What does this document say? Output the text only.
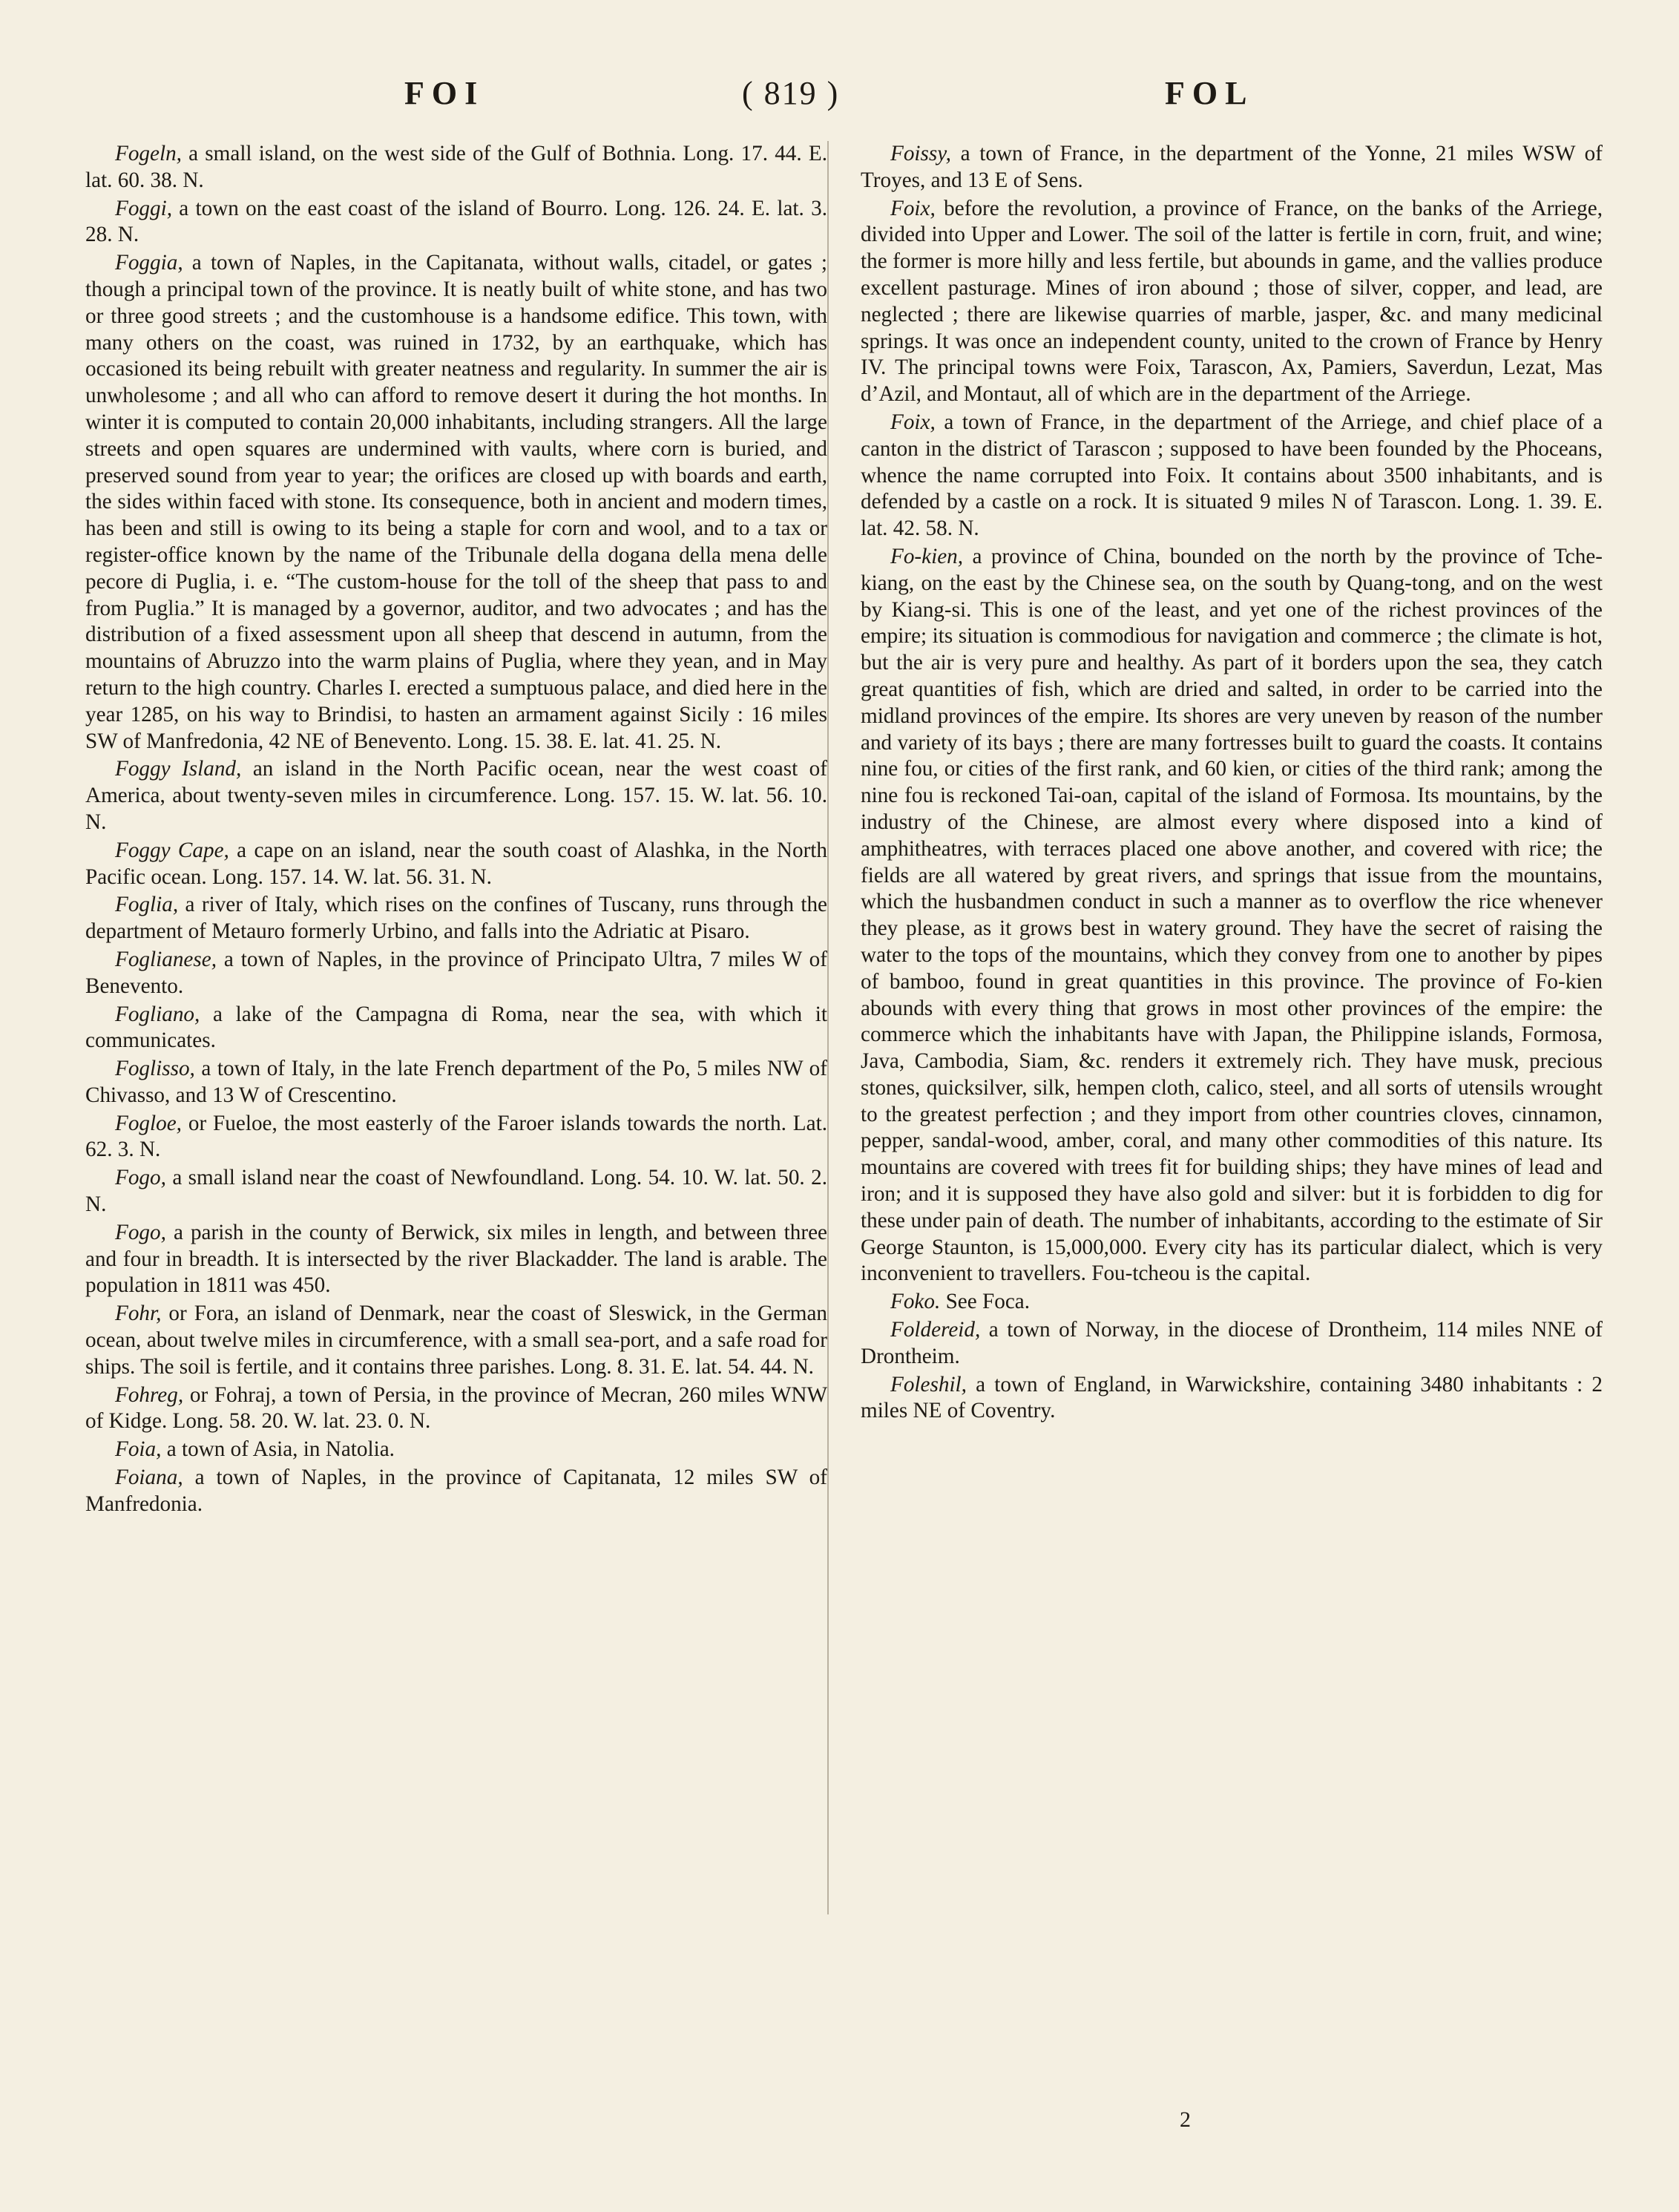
FOI	( 819 )	FOL

Fogeln, a small island, on the west side of the Gulf of Bothnia. Long. 17. 44. E. lat. 60. 38. N.

Foggi, a town on the east coast of the island of Bourro. Long. 126. 24. E. lat. 3. 28. N.

Foggia, a town of Naples, in the Capitanata, without walls, citadel, or gates ; though a principal town of the province. It is neatly built of white stone, and has two or three good streets ; and the customhouse is a handsome edifice. This town, with many others on the coast, was ruined in 1732, by an earthquake, which has occasioned its being rebuilt with greater neatness and regularity. In summer the air is unwholesome ; and all who can afford to remove desert it during the hot months. In winter it is computed to contain 20,000 inhabitants, including strangers. All the large streets and open squares are undermined with vaults, where corn is buried, and preserved sound from year to year; the orifices are closed up with boards and earth, the sides within faced with stone. Its consequence, both in ancient and modern times, has been and still is owing to its being a staple for corn and wool, and to a tax or register-office known by the name of the Tribunale della dogana della mena delle pecore di Puglia, i. e. “The custom-house for the toll of the sheep that pass to and from Puglia.” It is managed by a governor, auditor, and two advocates ; and has the distribution of a fixed assessment upon all sheep that descend in autumn, from the mountains of Abruzzo into the warm plains of Puglia, where they yean, and in May return to the high country. Charles I. erected a sumptuous palace, and died here in the year 1285, on his way to Brindisi, to hasten an armament against Sicily : 16 miles SW of Manfredonia, 42 NE of Benevento. Long. 15. 38. E. lat. 41. 25. N.

Foggy Island, an island in the North Pacific ocean, near the west coast of America, about twenty-seven miles in circumference. Long. 157. 15. W. lat. 56. 10. N.

Foggy Cape, a cape on an island, near the south coast of Alashka, in the North Pacific ocean. Long. 157. 14. W. lat. 56. 31. N.

Foglia, a river of Italy, which rises on the confines of Tuscany, runs through the department of Metauro formerly Urbino, and falls into the Adriatic at Pisaro.

Foglianese, a town of Naples, in the province of Principato Ultra, 7 miles W of Benevento.

Fogliano, a lake of the Campagna di Roma, near the sea, with which it communicates.

Foglisso, a town of Italy, in the late French department of the Po, 5 miles NW of Chivasso, and 13 W of Crescentino.

Fogloe, or Fueloe, the most easterly of the Faroer islands towards the north. Lat. 62. 3. N.

Fogo, a small island near the coast of Newfoundland. Long. 54. 10. W. lat. 50. 2. N.

Fogo, a parish in the county of Berwick, six miles in length, and between three and four in breadth. It is intersected by the river Blackadder. The land is arable. The population in 1811 was 450.

Fohr, or Fora, an island of Denmark, near the coast of Sleswick, in the German ocean, about twelve miles in circumference, with a small sea-port, and a safe road for ships. The soil is fertile, and it contains three parishes. Long. 8. 31. E. lat. 54. 44. N.

Fohreg, or Fohraj, a town of Persia, in the province of Mecran, 260 miles WNW of Kidge. Long. 58. 20. W. lat. 23. 0. N.

Foia, a town of Asia, in Natolia.

Foiana, a town of Naples, in the province of Capitanata, 12 miles SW of Manfredonia.

Foissy, a town of France, in the department of the Yonne, 21 miles WSW of Troyes, and 13 E of Sens.

Foix, before the revolution, a province of France, on the banks of the Arriege, divided into Upper and Lower. The soil of the latter is fertile in corn, fruit, and wine; the former is more hilly and less fertile, but abounds in game, and the vallies produce excellent pasturage. Mines of iron abound ; those of silver, copper, and lead, are neglected ; there are likewise quarries of marble, jasper, &c. and many medicinal springs. It was once an independent county, united to the crown of France by Henry IV. The principal towns were Foix, Tarascon, Ax, Pamiers, Saverdun, Lezat, Mas d’Azil, and Montaut, all of which are in the department of the Arriege.

Foix, a town of France, in the department of the Arriege, and chief place of a canton in the district of Tarascon ; supposed to have been founded by the Phoceans, whence the name corrupted into Foix. It contains about 3500 inhabitants, and is defended by a castle on a rock. It is situated 9 miles N of Tarascon. Long. 1. 39. E. lat. 42. 58. N.

Fo-kien, a province of China, bounded on the north by the province of Tche-kiang, on the east by the Chinese sea, on the south by Quang-tong, and on the west by Kiang-si. This is one of the least, and yet one of the richest provinces of the empire; its situation is commodious for navigation and commerce ; the climate is hot, but the air is very pure and healthy. As part of it borders upon the sea, they catch great quantities of fish, which are dried and salted, in order to be carried into the midland provinces of the empire. Its shores are very uneven by reason of the number and variety of its bays ; there are many fortresses built to guard the coasts. It contains nine fou, or cities of the first rank, and 60 kien, or cities of the third rank; among the nine fou is reckoned Tai-oan, capital of the island of Formosa. Its mountains, by the industry of the Chinese, are almost every where disposed into a kind of amphitheatres, with terraces placed one above another, and covered with rice; the fields are all watered by great rivers, and springs that issue from the mountains, which the husbandmen conduct in such a manner as to overflow the rice whenever they please, as it grows best in watery ground. They have the secret of raising the water to the tops of the mountains, which they convey from one to another by pipes of bamboo, found in great quantities in this province. The province of Fo-kien abounds with every thing that grows in most other provinces of the empire: the commerce which the inhabitants have with Japan, the Philippine islands, Formosa, Java, Cambodia, Siam, &c. renders it extremely rich. They have musk, precious stones, quicksilver, silk, hempen cloth, calico, steel, and all sorts of utensils wrought to the greatest perfection ; and they import from other countries cloves, cinnamon, pepper, sandal-wood, amber, coral, and many other commodities of this nature. Its mountains are covered with trees fit for building ships; they have mines of lead and iron; and it is supposed they have also gold and silver: but it is forbidden to dig for these under pain of death. The number of inhabitants, according to the estimate of Sir George Staunton, is 15,000,000. Every city has its particular dialect, which is very inconvenient to travellers. Fou-tcheou is the capital.

Foko. See Foca.

Foldereid, a town of Norway, in the diocese of Drontheim, 114 miles NNE of Drontheim.

Foleshil, a town of England, in Warwickshire, containing 3480 inhabitants : 2 miles NE of Coventry.

2
